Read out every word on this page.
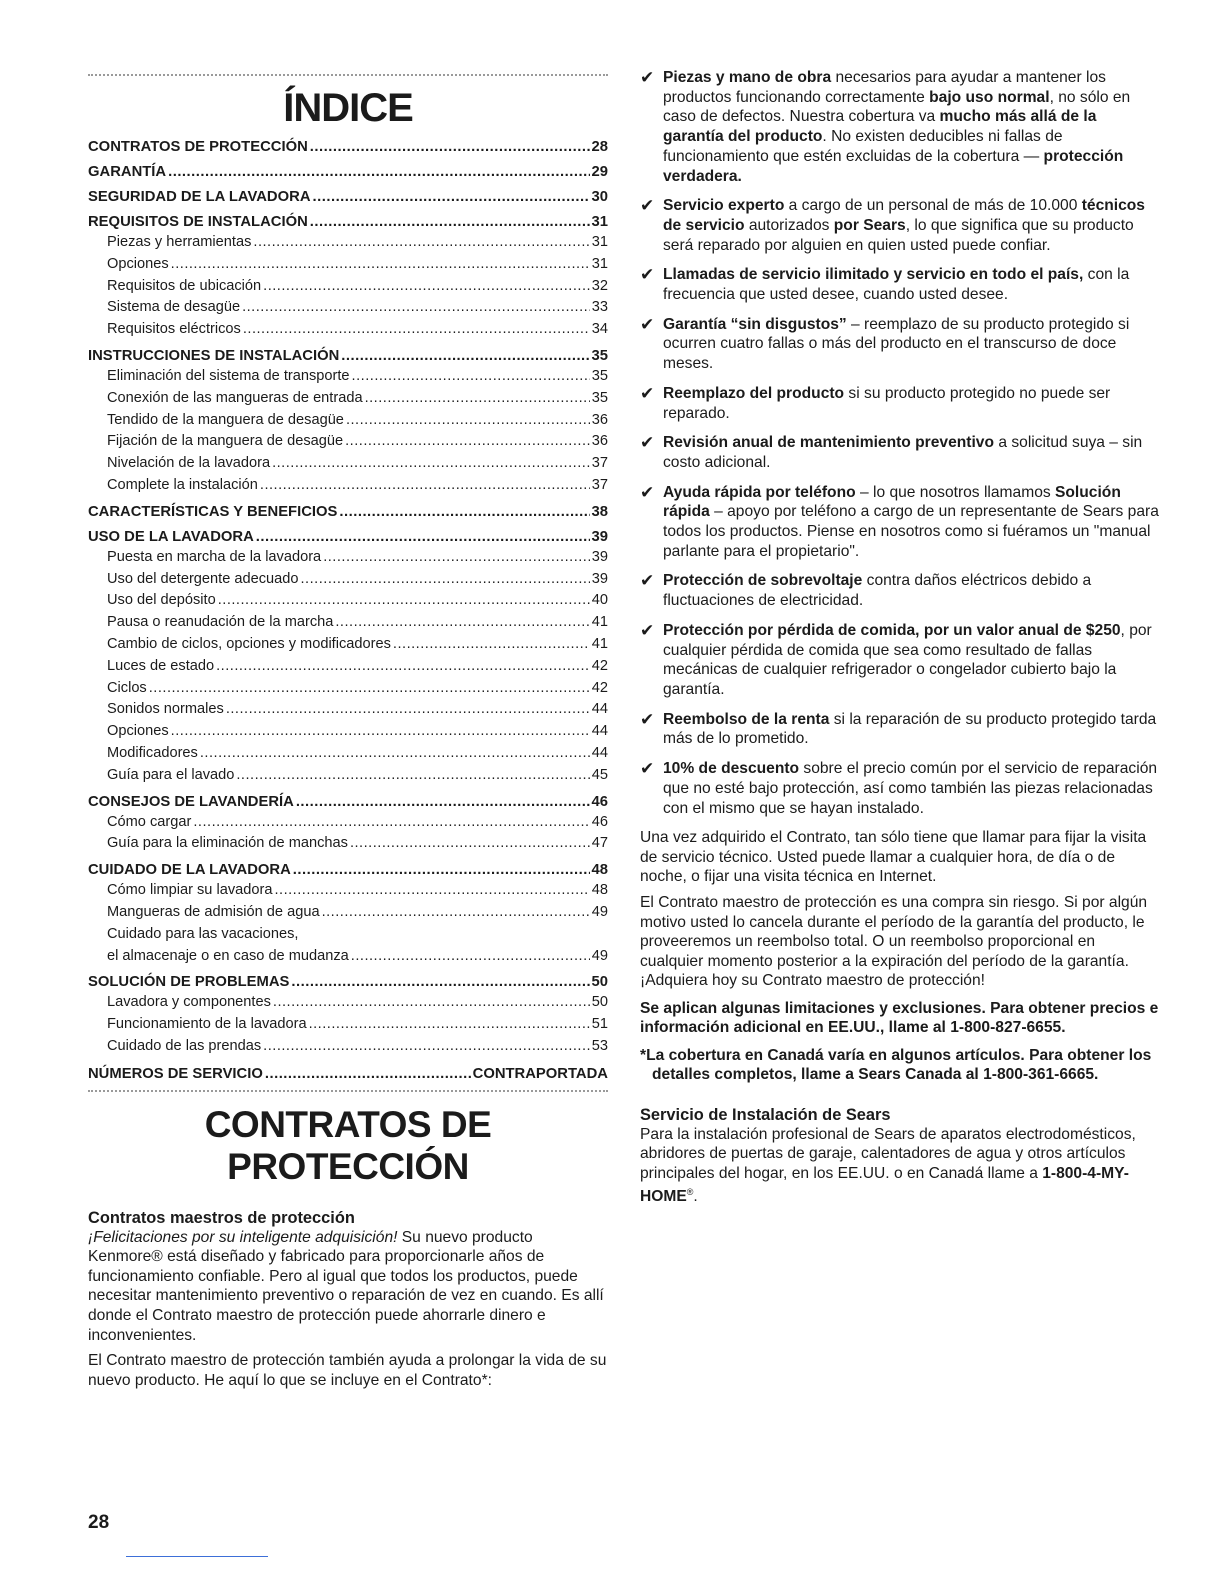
ÍNDICE
CONTRATOS DE PROTECCIÓN .....	28
GARANTÍA .....	29
SEGURIDAD DE LA LAVADORA .....	30
REQUISITOS DE INSTALACIÓN .....	31
Piezas y herramientas .....	31
Opciones .....	31
Requisitos de ubicación .....	32
Sistema de desagüe .....	33
Requisitos eléctricos .....	34
INSTRUCCIONES DE INSTALACIÓN .....	35
Eliminación del sistema de transporte .....	35
Conexión de las mangueras de entrada .....	35
Tendido de la manguera de desagüe .....	36
Fijación de la manguera de desagüe .....	36
Nivelación de la lavadora .....	37
Complete la instalación .....	37
CARACTERÍSTICAS Y BENEFICIOS .....	38
USO DE LA LAVADORA .....	39
Puesta en marcha de la lavadora .....	39
Uso del detergente adecuado .....	39
Uso del depósito .....	40
Pausa o reanudación de la marcha .....	41
Cambio de ciclos, opciones y modificadores .....	41
Luces de estado .....	42
Ciclos .....	42
Sonidos normales .....	44
Opciones .....	44
Modificadores .....	44
Guía para el lavado .....	45
CONSEJOS DE LAVANDERÍA .....	46
Cómo cargar .....	46
Guía para la eliminación de manchas .....	47
CUIDADO DE LA LAVADORA .....	48
Cómo limpiar su lavadora .....	48
Mangueras de admisión de agua .....	49
Cuidado para las vacaciones,
el almacenaje o en caso de mudanza .....	49
SOLUCIÓN DE PROBLEMAS .....	50
Lavadora y componentes .....	50
Funcionamiento de la lavadora .....	51
Cuidado de las prendas .....	53
NÚMEROS DE SERVICIO .....	CONTRAPORTADA
CONTRATOS DE
PROTECCIÓN
Contratos maestros de protección

¡Felicitaciones por su inteligente adquisición! Su nuevo producto Kenmore® está diseñado y fabricado para proporcionarle años de funcionamiento confiable. Pero al igual que todos los productos, puede necesitar mantenimiento preventivo o reparación de vez en cuando. Es allí donde el Contrato maestro de protección puede ahorrarle dinero e inconvenientes.

El Contrato maestro de protección también ayuda a prolongar la vida de su nuevo producto. He aquí lo que se incluye en el Contrato*:

✔ Piezas y mano de obra necesarios para ayudar a mantener los productos funcionando correctamente bajo uso normal, no sólo en caso de defectos. Nuestra cobertura va mucho más allá de la garantía del producto. No existen deducibles ni fallas de funcionamiento que estén excluidas de la cobertura — protección verdadera.
✔ Servicio experto a cargo de un personal de más de 10.000 técnicos de servicio autorizados por Sears, lo que significa que su producto será reparado por alguien en quien usted puede confiar.
✔ Llamadas de servicio ilimitado y servicio en todo el país, con la frecuencia que usted desee, cuando usted desee.
✔ Garantía “sin disgustos” – reemplazo de su producto protegido si ocurren cuatro fallas o más del producto en el transcurso de doce meses.
✔ Reemplazo del producto si su producto protegido no puede ser reparado.
✔ Revisión anual de mantenimiento preventivo a solicitud suya – sin costo adicional.
✔ Ayuda rápida por teléfono – lo que nosotros llamamos Solución rápida – apoyo por teléfono a cargo de un representante de Sears para todos los productos. Piense en nosotros como si fuéramos un "manual parlante para el propietario".
✔ Protección de sobrevoltaje contra daños eléctricos debido a fluctuaciones de electricidad.
✔ Protección por pérdida de comida, por un valor anual de $250, por cualquier pérdida de comida que sea como resultado de fallas mecánicas de cualquier refrigerador o congelador cubierto bajo la garantía.
✔ Reembolso de la renta si la reparación de su producto protegido tarda más de lo prometido.
✔ 10% de descuento sobre el precio común por el servicio de reparación que no esté bajo protección, así como también las piezas relacionadas con el mismo que se hayan instalado.

Una vez adquirido el Contrato, tan sólo tiene que llamar para fijar la visita de servicio técnico. Usted puede llamar a cualquier hora, de día o de noche, o fijar una visita técnica en Internet.

El Contrato maestro de protección es una compra sin riesgo. Si por algún motivo usted lo cancela durante el período de la garantía del producto, le proveeremos un reembolso total. O un reembolso proporcional en cualquier momento posterior a la expiración del período de la garantía. ¡Adquiera hoy su Contrato maestro de protección!

Se aplican algunas limitaciones y exclusiones. Para obtener precios e información adicional en EE.UU., llame al 1-800-827-6655.

*La cobertura en Canadá varía en algunos artículos. Para obtener los detalles completos, llame a Sears Canada al 1-800-361-6665.

Servicio de Instalación de Sears

Para la instalación profesional de Sears de aparatos electrodomésticos, abridores de puertas de garaje, calentadores de agua y otros artículos principales del hogar, en los EE.UU. o en Canadá llame a 1-800-4-MY-HOME®.

28
